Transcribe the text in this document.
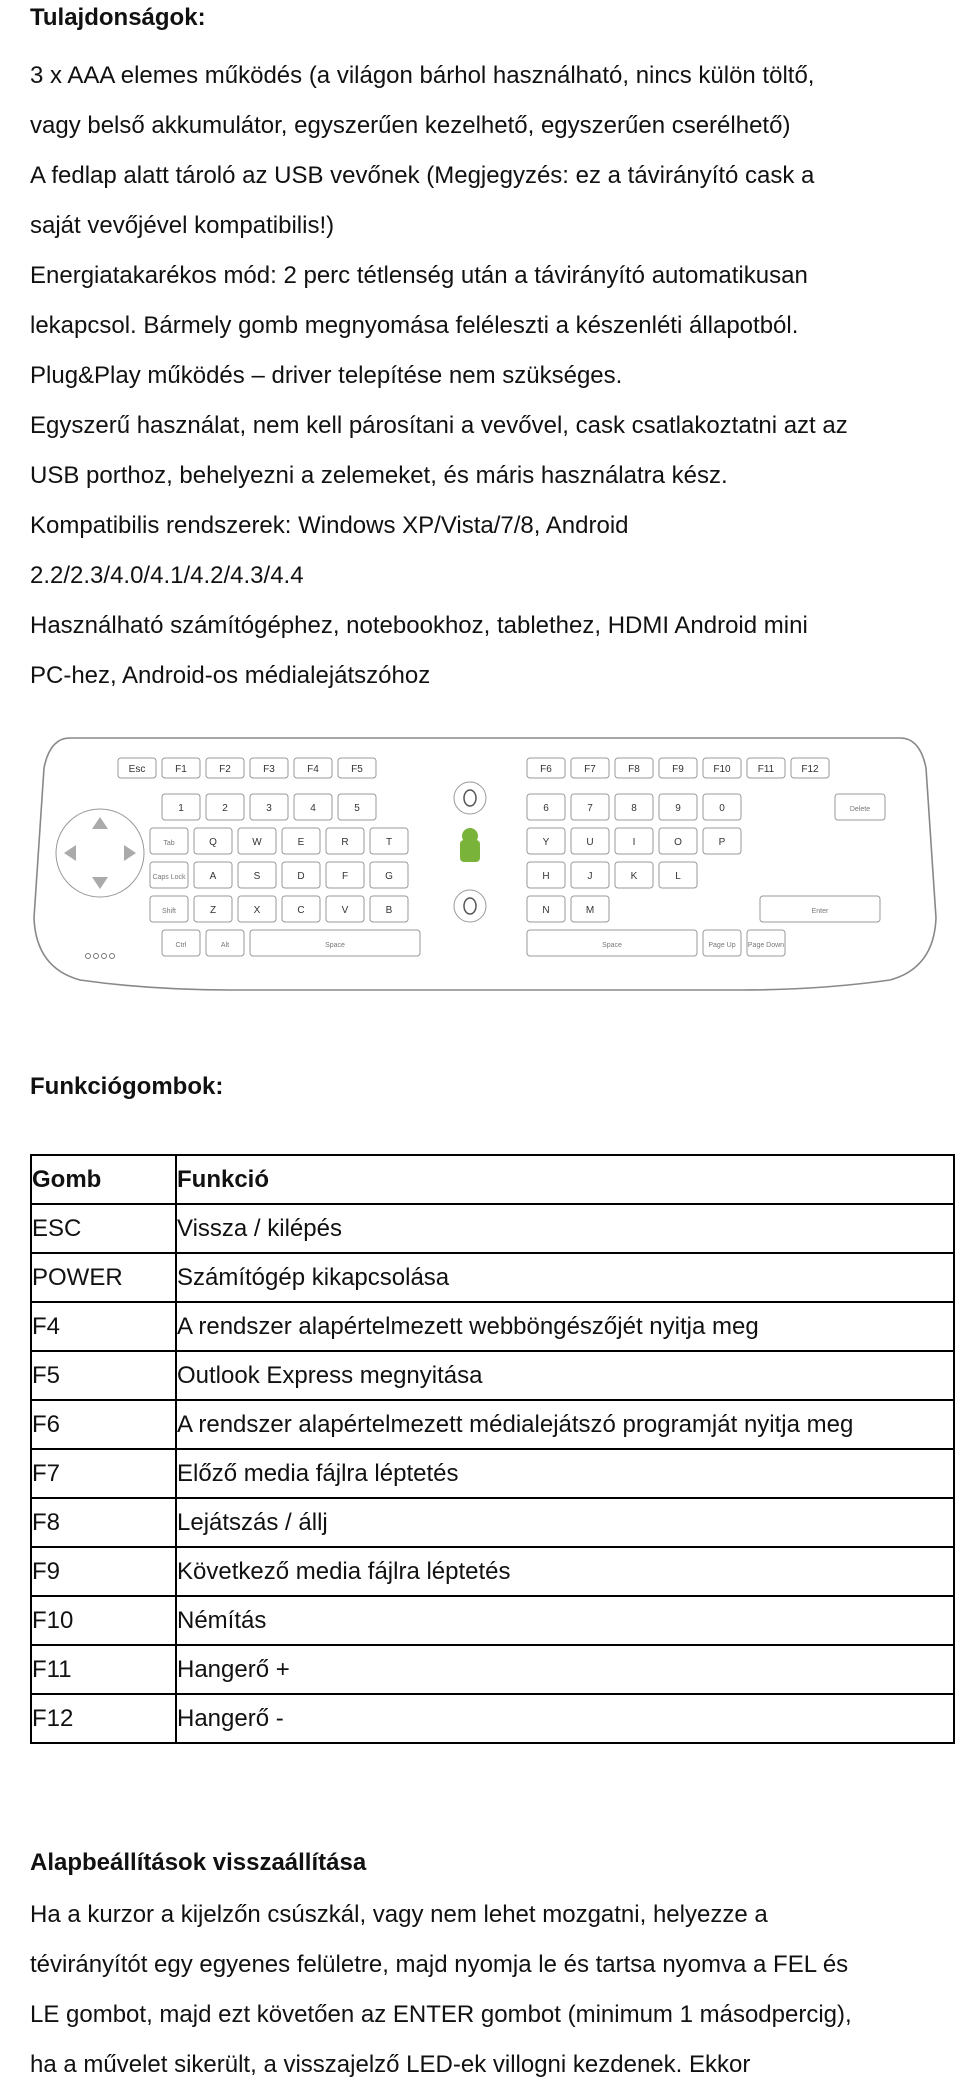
Tulajdonságok:
3 x AAA elemes működés (a világon bárhol használható, nincs külön töltő,
vagy belső akkumulátor, egyszerűen kezelhető, egyszerűen cserélhető)
A fedlap alatt tároló az USB vevőnek (Megjegyzés: ez a távirányító cask a
saját vevőjével kompatibilis!)
Energiatakarékos mód: 2 perc tétlenség után a távirányító automatikusan
lekapcsol. Bármely gomb megnyomása feléleszti a készenléti állapotból.
Plug&Play működés – driver telepítése nem szükséges.
Egyszerű használat, nem kell párosítani a vevővel, cask csatlakoztatni azt az
USB porthoz, behelyezni a zelemeket, és máris használatra kész.
Kompatibilis rendszerek: Windows XP/Vista/7/8, Android
2.2/2.3/4.0/4.1/4.2/4.3/4.4
Használható számítógéphez, notebookhoz, tablethez, HDMI Android mini
PC-hez, Android-os médialejátszóhoz
Esc	F1	F2	F3	F4	F5	F6	F7	F8	F9	F10	F11	F12
1	2	3	4	5	6	7	8	9	0	Delete
Tab	Q	W	E	R	T	Y	U	I	O	P
Caps Lock A	S	D	F	G	H	J	K	L
Shift	Z	X	C	V	B	N	M	Enter
Ctrl	Alt	Space	Space	Page Up Page Down
Funkciógombok:
Gomb	Funkció
ESC	Vissza / kilépés
POWER	Számítógép kikapcsolása
F4	A rendszer alapértelmezett webböngészőjét nyitja meg
F5	Outlook Express megnyitása
F6	A rendszer alapértelmezett médialejátszó programját nyitja meg
F7	Előző media fájlra léptetés
F8	Lejátszás / állj
F9	Következő media fájlra léptetés
F10	Némítás
F11	Hangerő +
F12	Hangerő -
Alapbeállítások visszaállítása
Ha a kurzor a kijelzőn csúszkál, vagy nem lehet mozgatni, helyezze a
tévirányítót egy egyenes felületre, majd nyomja le és tartsa nyomva a FEL és
LE gombot, majd ezt követően az ENTER gombot (minimum 1 másodpercig),
ha a művelet sikerült, a visszajelző LED-ek villogni kezdenek. Ekkor
